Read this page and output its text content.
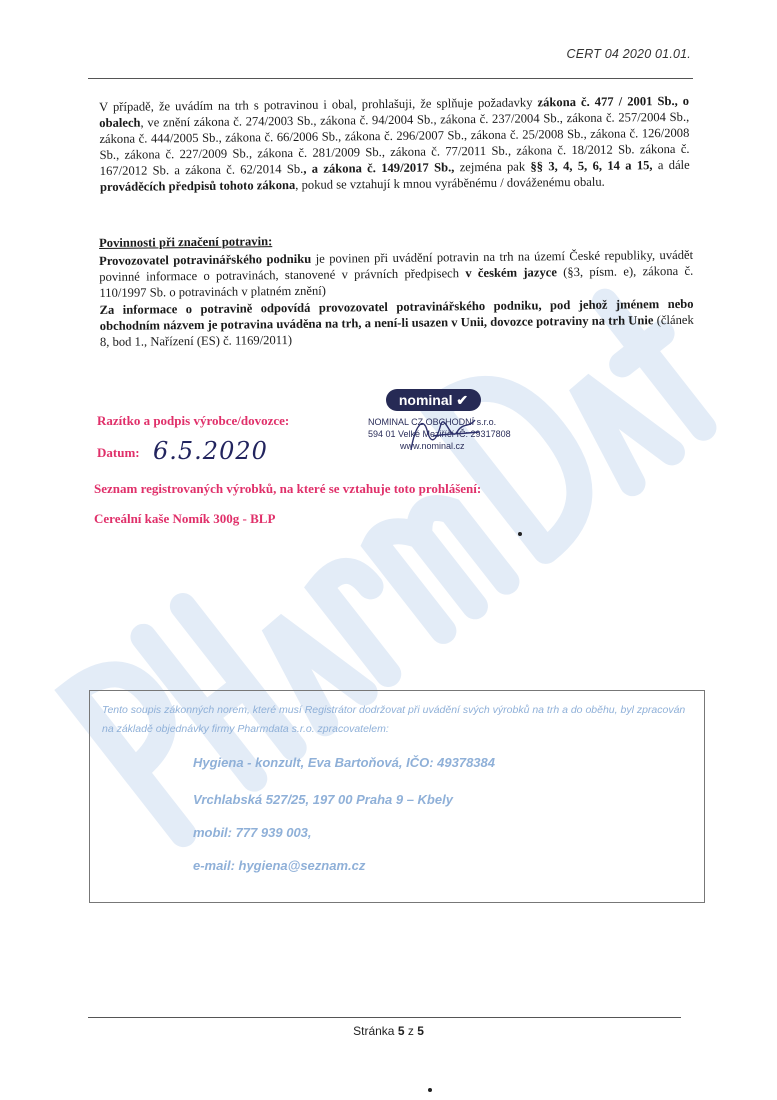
CERT 04 2020 01.01.

V případě, že uvádím na trh s potravinou i obal, prohlašuji, že splňuje požadavky zákona č. 477 / 2001 Sb., o obalech, ve znění zákona č. 274/2003 Sb., zákona č. 94/2004 Sb., zákona č. 237/2004 Sb., zákona č. 257/2004 Sb., zákona č. 444/2005 Sb., zákona č. 66/2006 Sb., zákona č. 296/2007 Sb., zákona č. 25/2008 Sb., zákona č. 126/2008 Sb., zákona č. 227/2009 Sb., zákona č. 281/2009 Sb., zákona č. 77/2011 Sb., zákona č. 18/2012 Sb. zákona č. 167/2012 Sb. a zákona č. 62/2014 Sb., a zákona č. 149/2017 Sb., zejména pak §§ 3, 4, 5, 6, 14 a 15, a dále prováděcích předpisů tohoto zákona, pokud se vztahují k mnou vyráběnému / dováženému obalu.

Povinnosti při značení potravin:

Provozovatel potravinářského podniku je povinen při uvádění potravin na trh na území České republiky, uvádět povinné informace o potravinách, stanovené v právních předpisech v českém jazyce (§3, písm. e), zákona č. 110/1997 Sb. o potravinách v platném znění)

Za informace o potravině odpovídá provozovatel potravinářského podniku, pod jehož jménem nebo obchodním názvem je potravina uváděna na trh, a není-li usazen v Unii, dovozce potraviny na trh Unie (článek 8, bod 1., Nařízení (ES) č. 1169/2011)

Razítko a podpis výrobce/dovozce:
Datum: 6.5.2020
Seznam registrovaných výrobků, na které se vztahuje toto prohlášení:
Cereální kaše Nomík 300g - BLP
nominal ✔
NOMINAL CZ OBCHODNÍ s.r.o.
594 01 Velké Meziříčí IČ: 29317808
www.nominal.cz
Tento soupis zákonných norem, které musí Registrátor dodržovat při uvádění svých výrobků na trh a do oběhu, byl zpracován na základě objednávky firmy Pharmdata s.r.o. zpracovatelem:
Hygiena - konzult, Eva Bartoňová, IČO: 49378384
Vrchlabská 527/25, 197 00 Praha 9 – Kbely
mobil: 777 939 003,
e-mail: hygiena@seznam.cz
Stránka 5 z 5
